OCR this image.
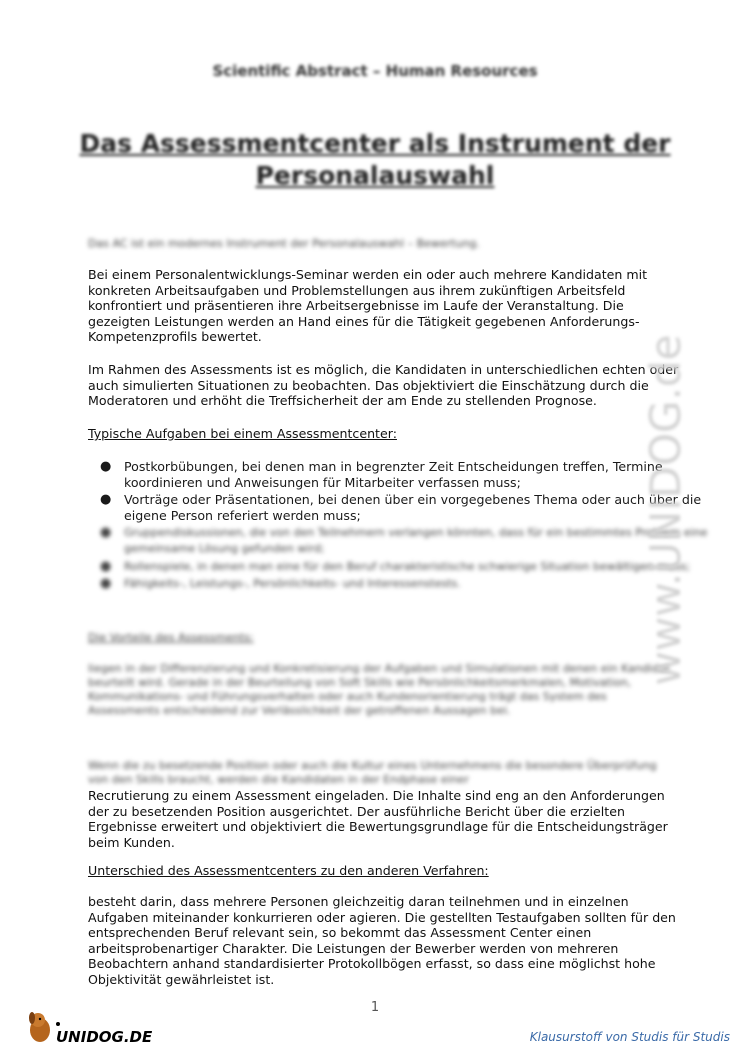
Scientific Abstract – Human Resources
Das Assessmentcenter als Instrument der
Personalauswahl
Das AC ist ein modernes Instrument der Personalauswahl – Bewertung.
Bei einem Personalentwicklungs-Seminar werden ein oder auch mehrere Kandidaten mit konkreten Arbeitsaufgaben und Problemstellungen aus ihrem zukünftigen Arbeitsfeld konfrontiert und präsentieren ihre Arbeitsergebnisse im Laufe der Veranstaltung. Die gezeigten Leistungen werden an Hand eines für die Tätigkeit gegebenen Anforderungs-Kompetenzprofils bewertet.
Im Rahmen des Assessments ist es möglich, die Kandidaten in unterschiedlichen echten oder auch simulierten Situationen zu beobachten. Das objektiviert die Einschätzung durch die Moderatoren und erhöht die Treffsicherheit der am Ende zu stellenden Prognose.
Typische Aufgaben bei einem Assessmentcenter:
● Postkorbübungen, bei denen man in begrenzter Zeit Entscheidungen treffen, Termine koordinieren und Anweisungen für Mitarbeiter verfassen muss;
● Vorträge oder Präsentationen, bei denen über ein vorgegebenes Thema oder auch über die eigene Person referiert werden muss;
● Gruppendiskussionen, die von den Teilnehmern verlangen könnten, dass für ein bestimmtes Problem eine gemeinsame Lösung gefunden wird;
● Rollenspiele, in denen man eine für den Beruf charakteristische schwierige Situation bewältigen muss;
● Fähigkeits-, Leistungs-, Persönlichkeits- und Interessenstests.
Die Vorteile des Assessments:
liegen in der Differenzierung und Konkretisierung der Aufgaben und Simulationen mit denen ein Kandidat beurteilt wird. Gerade in der Beurteilung von Soft Skills wie Persönlichkeitsmerkmalen, Motivation, Kommunikations- und Führungsverhalten oder auch Kundenorientierung trägt das System des Assessments entscheidend zur Verlässlichkeit der getroffenen Aussagen bei.
Wenn die zu besetzende Position oder auch die Kultur eines Unternehmens die besondere Überprüfung von den Skills braucht, werden die Kandidaten in der Endphase einer
Recrutierung zu einem Assessment eingeladen. Die Inhalte sind eng an den Anforderungen der zu besetzenden Position ausgerichtet. Der ausführliche Bericht über die erzielten Ergebnisse erweitert und objektiviert die Bewertungsgrundlage für die Entscheidungsträger beim Kunden.
Unterschied des Assessmentcenters zu den anderen Verfahren:
besteht darin, dass mehrere Personen gleichzeitig daran teilnehmen und in einzelnen Aufgaben miteinander konkurrieren oder agieren. Die gestellten Testaufgaben sollten für den entsprechenden Beruf relevant sein, so bekommt das Assessment Center einen arbeitsprobenartiger Charakter. Die Leistungen der Bewerber werden von mehreren Beobachtern anhand standardisierter Protokollbögen erfasst, so dass eine möglichst hohe Objektivität gewährleistet ist.
www.UNIDOG.de
1
UNIDOG.DE	Klausurstoff von Studis für Studis
